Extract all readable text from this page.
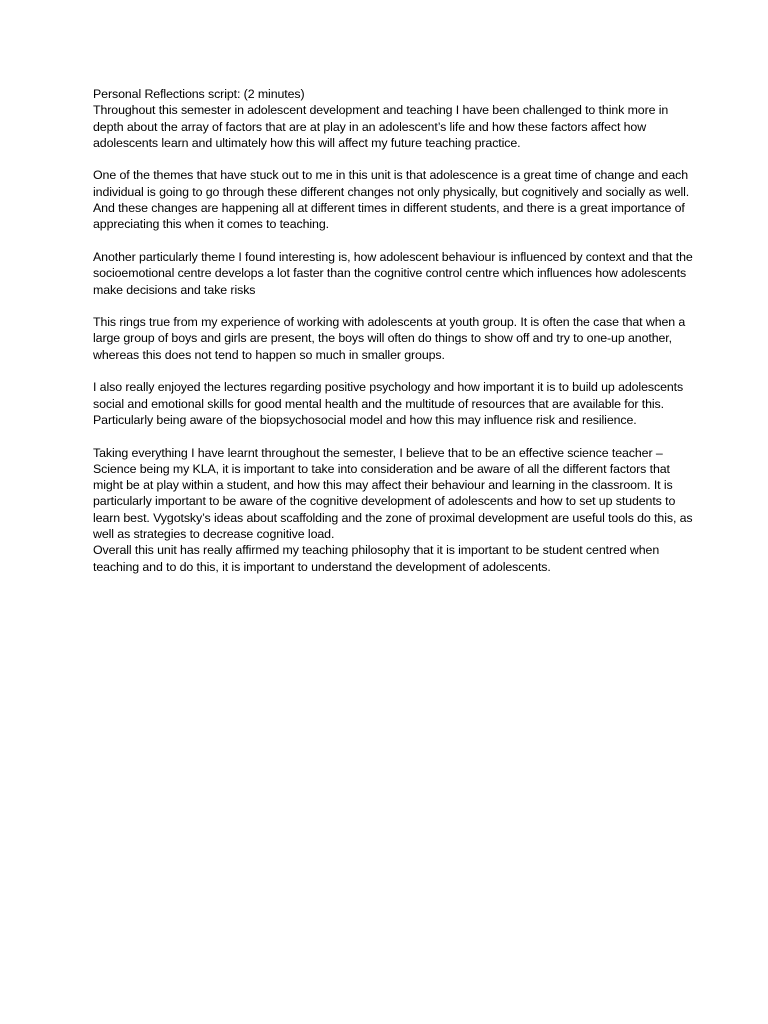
Personal Reflections script: (2 minutes)

Throughout this semester in adolescent development and teaching I have been challenged to think more in depth about the array of factors that are at play in an adolescent’s life and how these factors affect how adolescents learn and ultimately how this will affect my future teaching practice.

One of the themes that have stuck out to me in this unit is that adolescence is a great time of change and each individual is going to go through these different changes not only physically, but cognitively and socially as well. And these changes are happening all at different times in different students, and there is a great importance of appreciating this when it comes to teaching.

Another particularly theme I found interesting is, how adolescent behaviour is influenced by context and that the socioemotional centre develops a lot faster than the cognitive control centre which influences how adolescents make decisions and take risks

This rings true from my experience of working with adolescents at youth group. It is often the case that when a large group of boys and girls are present, the boys will often do things to show off and try to one-up another, whereas this does not tend to happen so much in smaller groups.

I also really enjoyed the lectures regarding positive psychology and how important it is to build up adolescents social and emotional skills for good mental health and the multitude of resources that are available for this. Particularly being aware of the biopsychosocial model and how this may influence risk and resilience.

Taking everything I have learnt throughout the semester, I believe that to be an effective science teacher – Science being my KLA, it is important to take into consideration and be aware of all the different factors that might be at play within a student, and how this may affect their behaviour and learning in the classroom. It is particularly important to be aware of the cognitive development of adolescents and how to set up students to learn best. Vygotsky’s ideas about scaffolding and the zone of proximal development are useful tools do this, as well as strategies to decrease cognitive load.

Overall this unit has really affirmed my teaching philosophy that it is important to be student centred when teaching and to do this, it is important to understand the development of adolescents.
